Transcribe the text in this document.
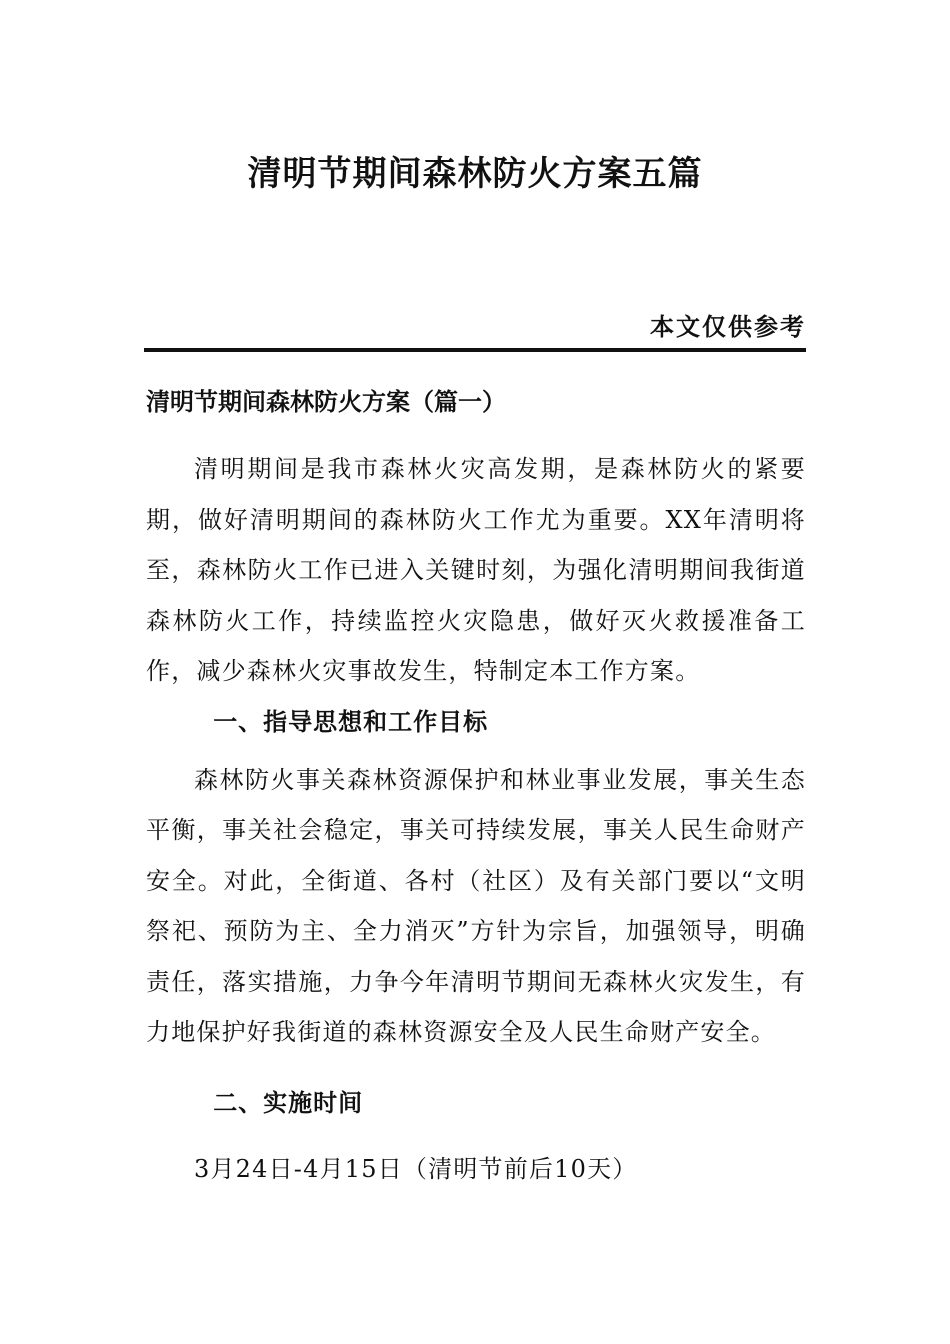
清明节期间森林防火方案五篇
本文仅供参考
清明节期间森林防火方案（篇一）

清明期间是我市森林火灾高发期，是森林防火的紧要期，做好清明期间的森林防火工作尤为重要。XX年清明将至，森林防火工作已进入关键时刻，为强化清明期间我街道森林防火工作，持续监控火灾隐患，做好灭火救援准备工作，减少森林火灾事故发生，特制定本工作方案。

一、指导思想和工作目标

森林防火事关森林资源保护和林业事业发展，事关生态平衡，事关社会稳定，事关可持续发展，事关人民生命财产安全。对此，全街道、各村（社区）及有关部门要以“文明祭祀、预防为主、全力消灭”方针为宗旨，加强领导，明确责任，落实措施，力争今年清明节期间无森林火灾发生，有力地保护好我街道的森林资源安全及人民生命财产安全。

二、实施时间

3月24日-4月15日（清明节前后10天）
